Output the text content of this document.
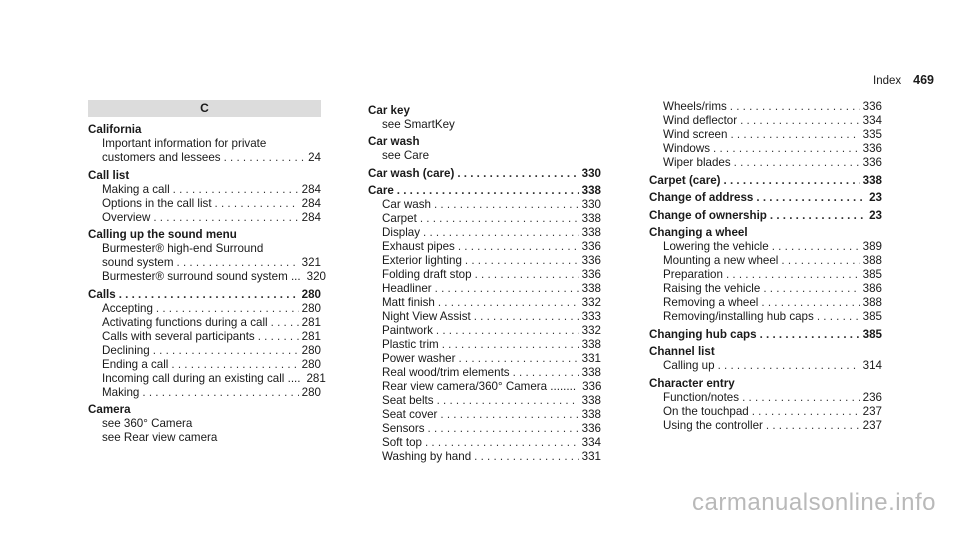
Index 469
C
California
Important information for private
customers and lessees . . .	24
Call list
Making a call . . .	284
Options in the call list . . .	284
Overview . . .	284
Calling up the sound menu
Burmester® high-end Surround
sound system . . .	321
Burmester® surround sound system ... 320
Calls . . .	280
Accepting . . .	280
Activating functions during a call . . .	281
Calls with several participants . . .	281
Declining . . .	280
Ending a call . . .	280
Incoming call during an existing call .... 281
Making . . .	280
Camera
see 360° Camera
see Rear view camera
Car key
see SmartKey
Car wash
see Care
Car wash (care) . . .	330
Care . . .	338
Car wash . . .	330
Carpet . . .	338
Display . . .	338
Exhaust pipes . . .	336
Exterior lighting . . .	336
Folding draft stop . . .	336
Headliner . . .	338
Matt finish . . .	332
Night View Assist . . .	333
Paintwork . . .	332
Plastic trim . . .	338
Power washer . . .	331
Real wood/trim elements . . .	338
Rear view camera/360° Camera ........ 336
Seat belts . . .	338
Seat cover . . .	338
Sensors . . .	336
Soft top . . .	334
Washing by hand . . .	331
Wheels/rims . . .	336
Wind deflector . . .	334
Wind screen . . .	335
Windows . . .	336
Wiper blades . . .	336
Carpet (care) . . .	338
Change of address . . .	23
Change of ownership . . .	23
Changing a wheel
Lowering the vehicle . . .	389
Mounting a new wheel . . .	388
Preparation . . .	385
Raising the vehicle . . .	386
Removing a wheel . . .	388
Removing/installing hub caps . . .	385
Changing hub caps . . .	385
Channel list
Calling up . . .	314
Character entry
Function/notes . . .	236
On the touchpad . . .	237
Using the controller . . .	237
carmanualsonline.info
